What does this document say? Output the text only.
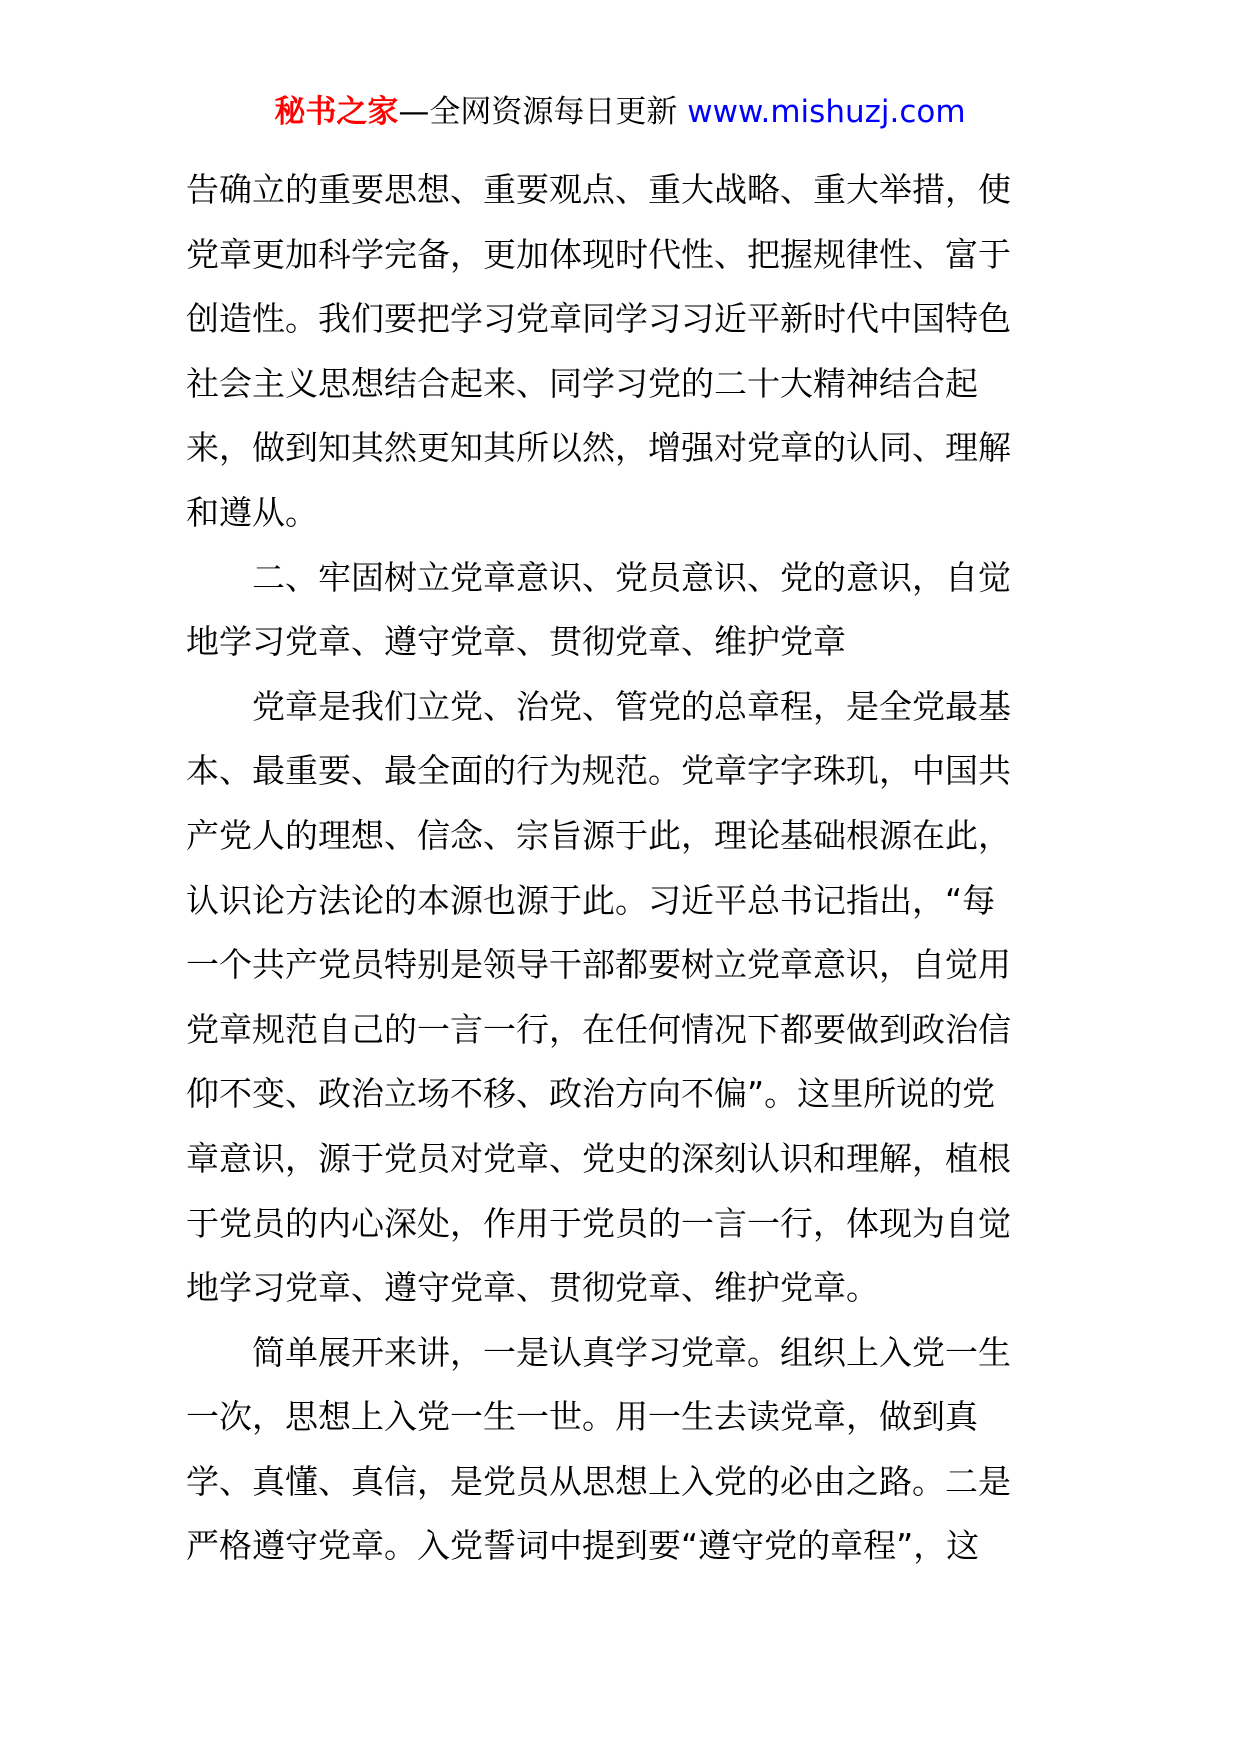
秘书之家—全网资源每日更新 www.mishuzj.com
告确立的重要思想、重要观点、重大战略、重大举措，使
党章更加科学完备，更加体现时代性、把握规律性、富于
创造性。我们要把学习党章同学习习近平新时代中国特色
社会主义思想结合起来、同学习党的二十大精神结合起
来，做到知其然更知其所以然，增强对党章的认同、理解
和遵从。
　　二、牢固树立党章意识、党员意识、党的意识，自觉
地学习党章、遵守党章、贯彻党章、维护党章
　　党章是我们立党、治党、管党的总章程，是全党最基
本、最重要、最全面的行为规范。党章字字珠玑，中国共
产党人的理想、信念、宗旨源于此，理论基础根源在此，
认识论方法论的本源也源于此。习近平总书记指出，“每
一个共产党员特别是领导干部都要树立党章意识，自觉用
党章规范自己的一言一行，在任何情况下都要做到政治信
仰不变、政治立场不移、政治方向不偏”。这里所说的党
章意识，源于党员对党章、党史的深刻认识和理解，植根
于党员的内心深处，作用于党员的一言一行，体现为自觉
地学习党章、遵守党章、贯彻党章、维护党章。
　　简单展开来讲，一是认真学习党章。组织上入党一生
一次，思想上入党一生一世。用一生去读党章，做到真
学、真懂、真信，是党员从思想上入党的必由之路。二是
严格遵守党章。入党誓词中提到要“遵守党的章程”，这
